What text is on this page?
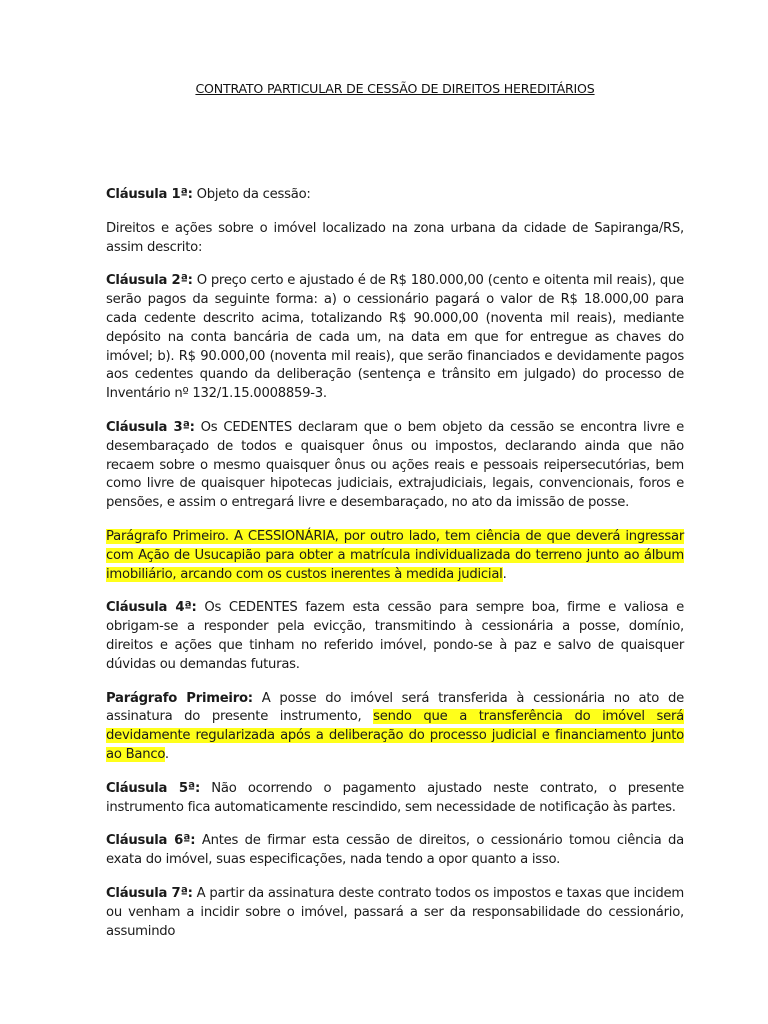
CONTRATO PARTICULAR DE CESSÃO DE DIREITOS HEREDITÁRIOS

Cláusula 1ª: Objeto da cessão:

Direitos e ações sobre o imóvel localizado na zona urbana da cidade de Sapiranga/RS, assim descrito:

Cláusula 2ª: O preço certo e ajustado é de R$ 180.000,00 (cento e oitenta mil reais), que serão pagos da seguinte forma: a) o cessionário pagará o valor de R$ 18.000,00 para cada cedente descrito acima, totalizando R$ 90.000,00 (noventa mil reais), mediante depósito na conta bancária de cada um, na data em que for entregue as chaves do imóvel; b). R$ 90.000,00 (noventa mil reais), que serão financiados e devidamente pagos aos cedentes quando da deliberação (sentença e trânsito em julgado) do processo de Inventário nº 132/1.15.0008859-3.

Cláusula 3ª: Os CEDENTES declaram que o bem objeto da cessão se encontra livre e desembaraçado de todos e quaisquer ônus ou impostos, declarando ainda que não recaem sobre o mesmo quaisquer ônus ou ações reais e pessoais reipersecutórias, bem como livre de quaisquer hipotecas judiciais, extrajudiciais, legais, convencionais, foros e pensões, e assim o entregará livre e desembaraçado, no ato da imissão de posse.

Parágrafo Primeiro. A CESSIONÁRIA, por outro lado, tem ciência de que deverá ingressar com Ação de Usucapião para obter a matrícula individualizada do terreno junto ao álbum imobiliário, arcando com os custos inerentes à medida judicial.

Cláusula 4ª: Os CEDENTES fazem esta cessão para sempre boa, firme e valiosa e obrigam-se a responder pela evicção, transmitindo à cessionária a posse, domínio, direitos e ações que tinham no referido imóvel, pondo-se à paz e salvo de quaisquer dúvidas ou demandas futuras.

Parágrafo Primeiro: A posse do imóvel será transferida à cessionária no ato de assinatura do presente instrumento, sendo que a transferência do imóvel será devidamente regularizada após a deliberação do processo judicial e financiamento junto ao Banco.

Cláusula 5ª: Não ocorrendo o pagamento ajustado neste contrato, o presente instrumento fica automaticamente rescindido, sem necessidade de notificação às partes.

Cláusula 6ª: Antes de firmar esta cessão de direitos, o cessionário tomou ciência da exata do imóvel, suas especificações, nada tendo a opor quanto a isso.

Cláusula 7ª: A partir da assinatura deste contrato todos os impostos e taxas que incidem ou venham a incidir sobre o imóvel, passará a ser da responsabilidade do cessionário, assumindo
